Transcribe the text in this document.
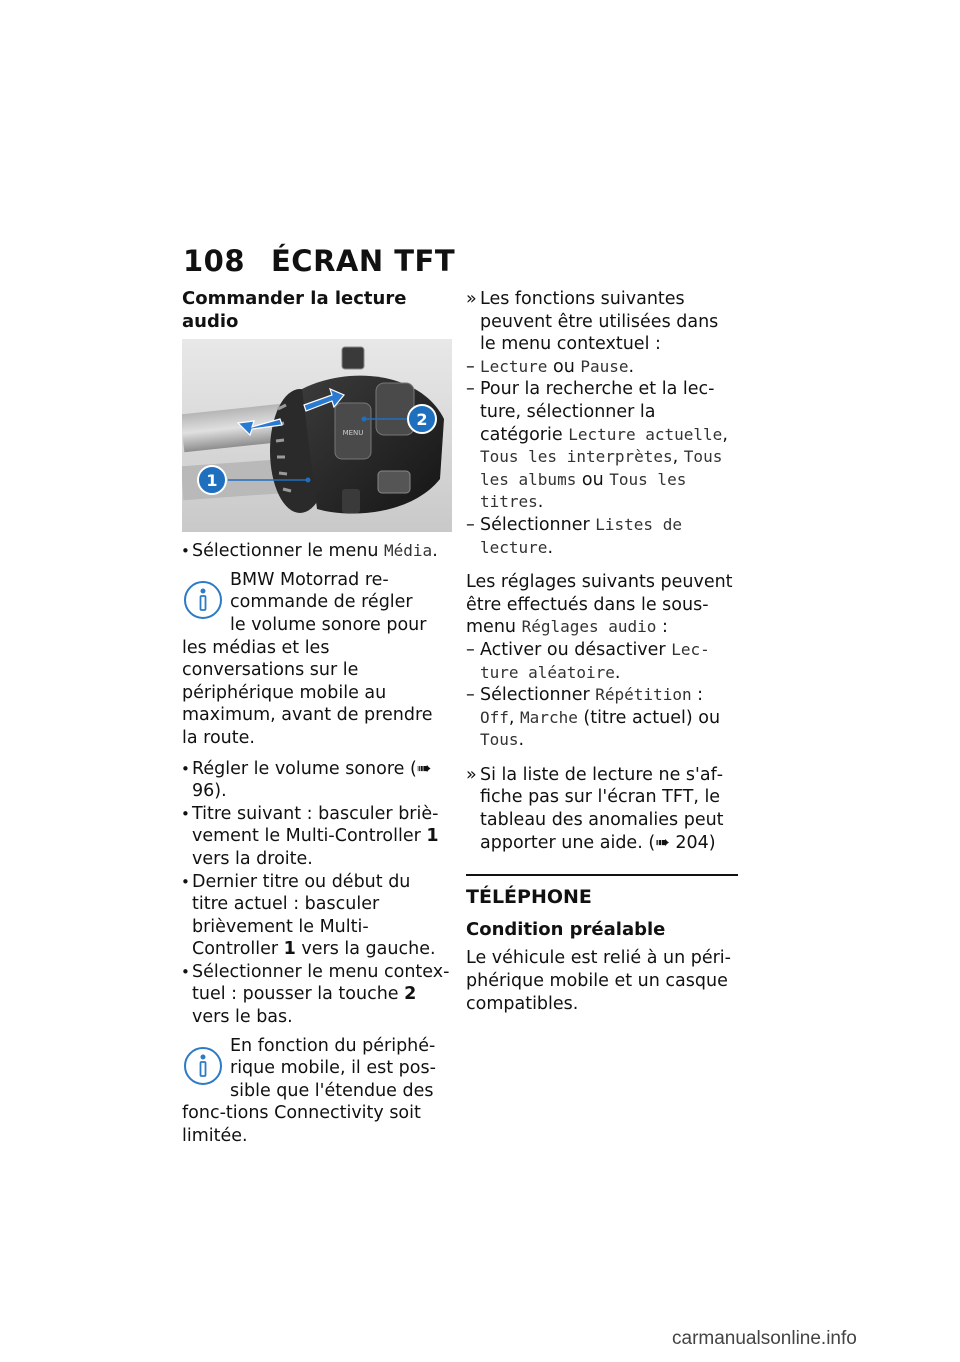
108 ÉCRAN TFT
Commander la lecture audio
MENU
1
2
• Sélectionner le menu Média.
BMW Motorrad re-commande de régler
le volume sonore pour les médias et les conversations sur le périphérique mobile au maximum, avant de prendre la route.
• Régler le volume sonore (➠ 96).
• Titre suivant : basculer brièvement le Multi-Controller 1 vers la droite.
• Dernier titre ou début du titre actuel : basculer brièvement le Multi-Controller 1 vers la gauche.
• Sélectionner le menu contextuel : pousser la touche 2 vers le bas.
En fonction du périphé-rique mobile, il est pos-
sible que l'étendue des fonc-tions Connectivity soit limitée.
» Les fonctions suivantes peuvent être utilisées dans le menu contextuel :
– Lecture ou Pause.
– Pour la recherche et la lecture, sélectionner la catégorie Lecture actuelle, Tous les interprètes, Tous les albums ou Tous les titres.
– Sélectionner Listes de lecture.
Les réglages suivants peuvent être effectués dans le sous-menu Réglages audio :
– Activer ou désactiver Lecture aléatoire.
– Sélectionner Répétition : Off, Marche (titre actuel) ou Tous.
» Si la liste de lecture ne s'affiche pas sur l'écran TFT, le tableau des anomalies peut apporter une aide. (➠ 204)
TÉLÉPHONE
Condition préalable
Le véhicule est relié à un périphérique mobile et un casque compatibles.
carmanualsonline.info
